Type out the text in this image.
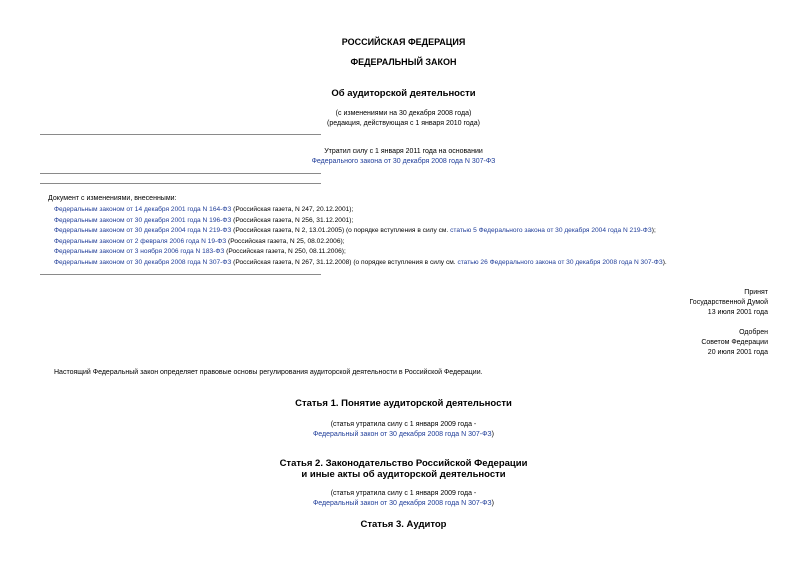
РОССИЙСКАЯ ФЕДЕРАЦИЯ
ФЕДЕРАЛЬНЫЙ ЗАКОН
Об аудиторской деятельности
(с изменениями на 30 декабря 2008 года)
(редакция, действующая с 1 января 2010 года)
Утратил силу с 1 января 2011 года на основании
Федерального закона от 30 декабря 2008 года N 307-ФЗ
Документ с изменениями, внесенными:
Федеральным законом от 14 декабря 2001 года N 164-ФЗ (Российская газета, N 247, 20.12.2001);
Федеральным законом от 30 декабря 2001 года N 196-ФЗ (Российская газета, N 256, 31.12.2001);
Федеральным законом от 30 декабря 2004 года N 219-ФЗ (Российская газета, N 2, 13.01.2005) (о порядке вступления в силу см. статью 5 Федерального закона от 30 декабря 2004 года N 219-ФЗ);
Федеральным законом от 2 февраля 2006 года N 19-ФЗ (Российская газета, N 25, 08.02.2006);
Федеральным законом от 3 ноября 2006 года N 183-ФЗ (Российская газета, N 250, 08.11.2006);
Федеральным законом от 30 декабря 2008 года N 307-ФЗ (Российская газета, N 267, 31.12.2008) (о порядке вступления в силу см. статью 26 Федерального закона от 30 декабря 2008 года N 307-ФЗ).
Принят
Государственной Думой
13 июля 2001 года
Одобрен
Советом Федерации
20 июля 2001 года
Настоящий Федеральный закон определяет правовые основы регулирования аудиторской деятельности в Российской Федерации.
Статья 1. Понятие аудиторской деятельности
(статья утратила силу с 1 января 2009 года -
Федеральный закон от 30 декабря 2008 года N 307-ФЗ)
Статья 2. Законодательство Российской Федерации
и иные акты об аудиторской деятельности
(статья утратила силу с 1 января 2009 года -
Федеральный закон от 30 декабря 2008 года N 307-ФЗ)
Статья 3. Аудитор
